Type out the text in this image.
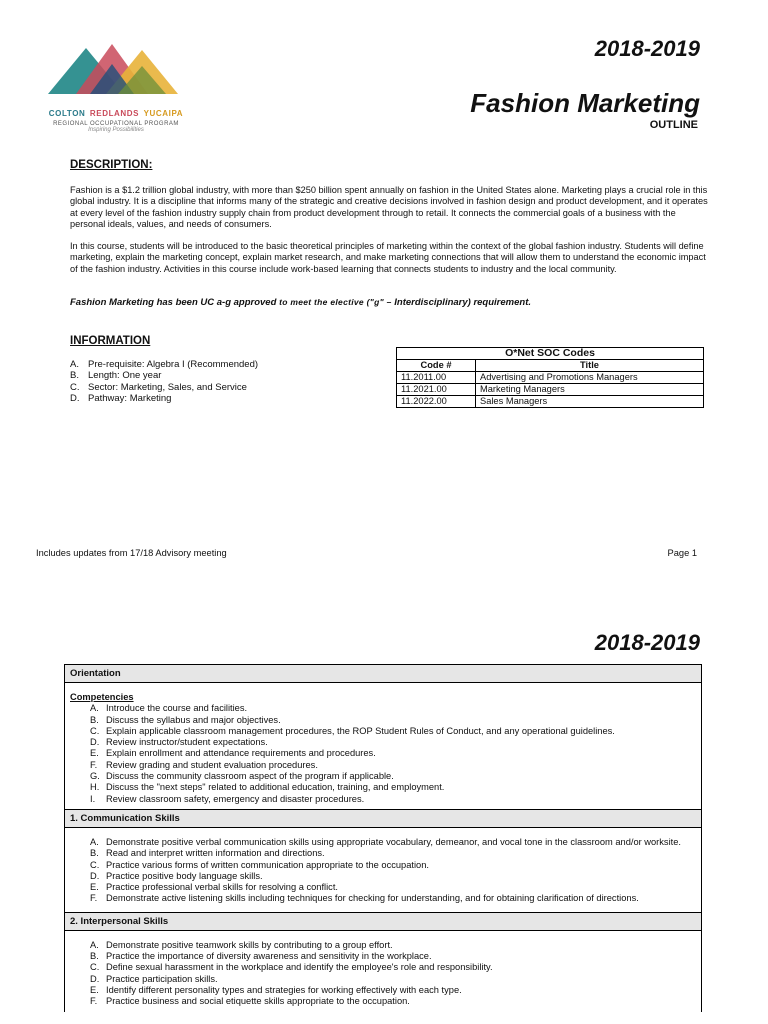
COLTON REDLANDS YUCAIPA
REGIONAL OCCUPATIONAL PROGRAM
Inspiring Possibilities
2018-2019
Fashion Marketing
OUTLINE
DESCRIPTION:
Fashion is a $1.2 trillion global industry, with more than $250 billion spent annually on fashion in the United States alone. Marketing plays a crucial role in this global industry. It is a discipline that informs many of the strategic and creative decisions involved in fashion design and product development, and it operates at every level of the fashion industry supply chain from product development through to retail. It connects the commercial goals of a business with the personal ideals, values, and needs of consumers.
In this course, students will be introduced to the basic theoretical principles of marketing within the context of the global fashion industry. Students will define marketing, explain the marketing concept, explain market research, and make marketing connections that will allow them to understand the economic impact of the fashion industry. Activities in this course include work-based learning that connects students to industry and the local community.
Fashion Marketing has been UC a-g approved to meet the elective ("g" – Interdisciplinary) requirement.
INFORMATION
A. Pre-requisite: Algebra I (Recommended)
B. Length: One year
C. Sector: Marketing, Sales, and Service
D. Pathway: Marketing
O*Net SOC Codes	
Code #	Title
11.2011.00	Advertising and Promotions Managers
11.2021.00	Marketing Managers
11.2022.00	Sales Managers
Includes updates from 17/18 Advisory meeting	Page 1
2018-2019
Orientation
Competencies
A. Introduce the course and facilities.
B. Discuss the syllabus and major objectives.
C. Explain applicable classroom management procedures, the ROP Student Rules of Conduct, and any operational guidelines.
D. Review instructor/student expectations.
E. Explain enrollment and attendance requirements and procedures.
F. Review grading and student evaluation procedures.
G. Discuss the community classroom aspect of the program if applicable.
H. Discuss the "next steps" related to additional education, training, and employment.
I. Review classroom safety, emergency and disaster procedures.
1. Communication Skills
A. Demonstrate positive verbal communication skills using appropriate vocabulary, demeanor, and vocal tone in the classroom and/or worksite.
B. Read and interpret written information and directions.
C. Practice various forms of written communication appropriate to the occupation.
D. Practice positive body language skills.
E. Practice professional verbal skills for resolving a conflict.
F. Demonstrate active listening skills including techniques for checking for understanding, and for obtaining clarification of directions.
2. Interpersonal Skills
A. Demonstrate positive teamwork skills by contributing to a group effort.
B. Practice the importance of diversity awareness and sensitivity in the workplace.
C. Define sexual harassment in the workplace and identify the employee's role and responsibility.
D. Practice participation skills.
E. Identify different personality types and strategies for working effectively with each type.
F. Practice business and social etiquette skills appropriate to the occupation.
